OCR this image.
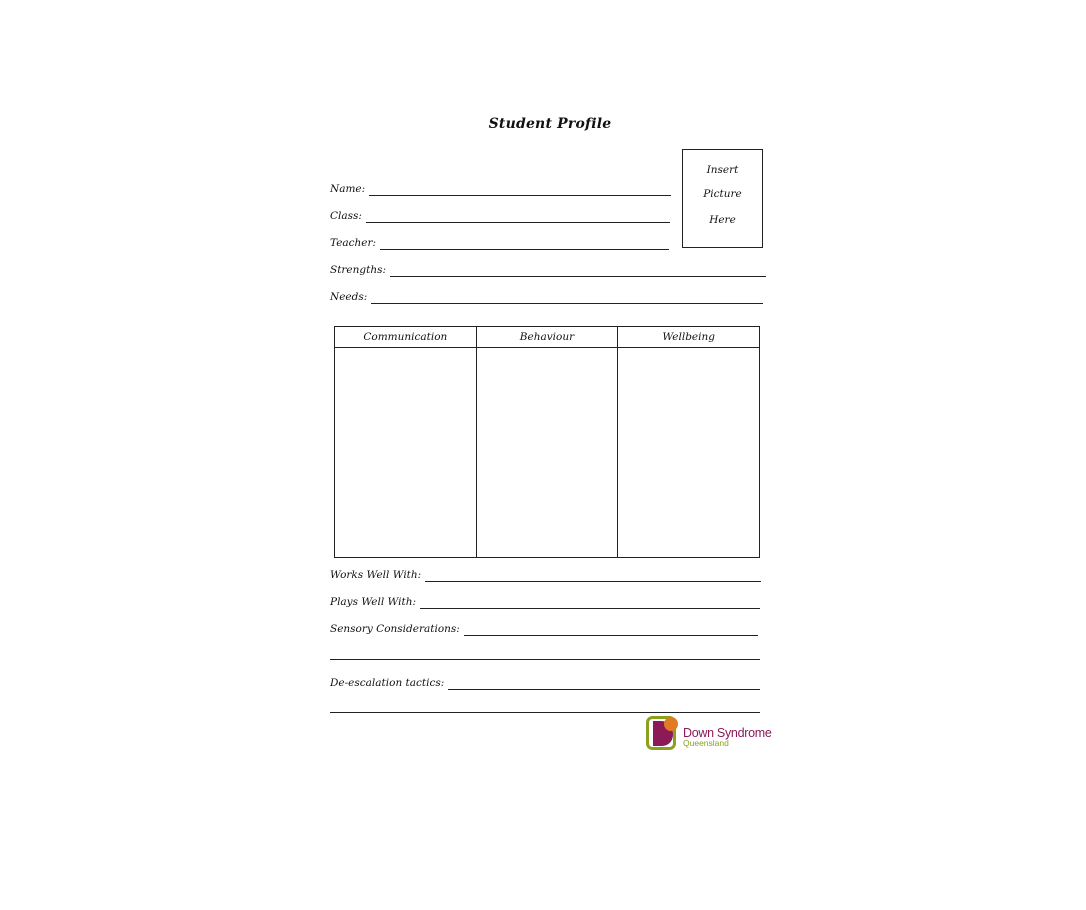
Student Profile
Insert
Picture
Here
Name:
Class:
Teacher:
Strengths:
Needs:
Communication	Behaviour	Wellbeing

Works Well With:
Plays Well With:
Sensory Considerations:
De-escalation tactics:
Down Syndrome
Queensland
